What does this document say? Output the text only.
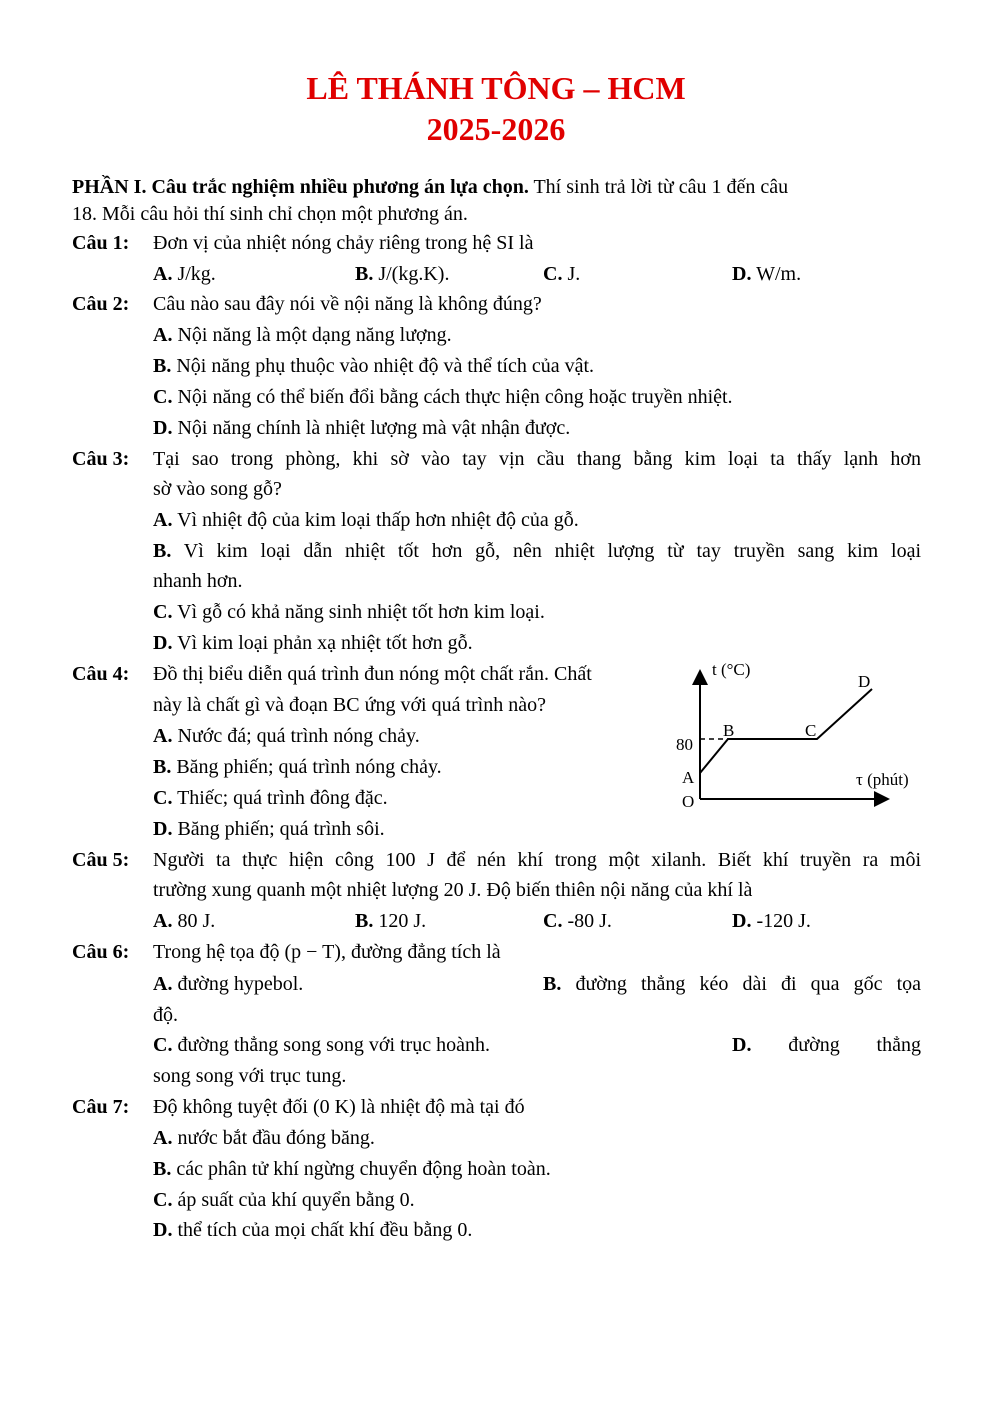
LÊ THÁNH TÔNG – HCM
2025-2026
PHẦN I. Câu trắc nghiệm nhiều phương án lựa chọn. Thí sinh trả lời từ câu 1 đến câu
18. Mỗi câu hỏi thí sinh chỉ chọn một phương án.
Câu 1: Đơn vị của nhiệt nóng chảy riêng trong hệ SI là
A. J/kg.	B. J/(kg.K).	C. J.	D. W/m.
Câu 2: Câu nào sau đây nói về nội năng là không đúng?
A. Nội năng là một dạng năng lượng.
B. Nội năng phụ thuộc vào nhiệt độ và thể tích của vật.
C. Nội năng có thể biến đổi bằng cách thực hiện công hoặc truyền nhiệt.
D. Nội năng chính là nhiệt lượng mà vật nhận được.
Câu 3: Tại sao trong phòng, khi sờ vào tay vịn cầu thang bằng kim loại ta thấy lạnh hơn
sờ vào song gỗ?
A. Vì nhiệt độ của kim loại thấp hơn nhiệt độ của gỗ.
B. Vì kim loại dẫn nhiệt tốt hơn gỗ, nên nhiệt lượng từ tay truyền sang kim loại
nhanh hơn.
C. Vì gỗ có khả năng sinh nhiệt tốt hơn kim loại.
D. Vì kim loại phản xạ nhiệt tốt hơn gỗ.
Câu 4: Đồ thị biểu diễn quá trình đun nóng một chất rắn. Chất
này là chất gì và đoạn BC ứng với quá trình nào?
A. Nước đá; quá trình nóng chảy.
B. Băng phiến; quá trình nóng chảy.
C. Thiếc; quá trình đông đặc.
D. Băng phiến; quá trình sôi.
t (°C)
τ (phút)
O
80
A
B	C
D
Câu 5: Người ta thực hiện công 100 J để nén khí trong một xilanh. Biết khí truyền ra môi
trường xung quanh một nhiệt lượng 20 J. Độ biến thiên nội năng của khí là
A. 80 J.	B. 120 J.	C. -80 J.	D. -120 J.
Câu 6: Trong hệ tọa độ (p − T), đường đẳng tích là
A. đường hypebol.	B. đường thẳng kéo dài đi qua gốc tọa
độ.
C. đường thẳng song song với trục hoành.	D. đường thẳng
song song với trục tung.
Câu 7: Độ không tuyệt đối (0 K) là nhiệt độ mà tại đó
A. nước bắt đầu đóng băng.
B. các phân tử khí ngừng chuyển động hoàn toàn.
C. áp suất của khí quyển bằng 0.
D. thể tích của mọi chất khí đều bằng 0.
